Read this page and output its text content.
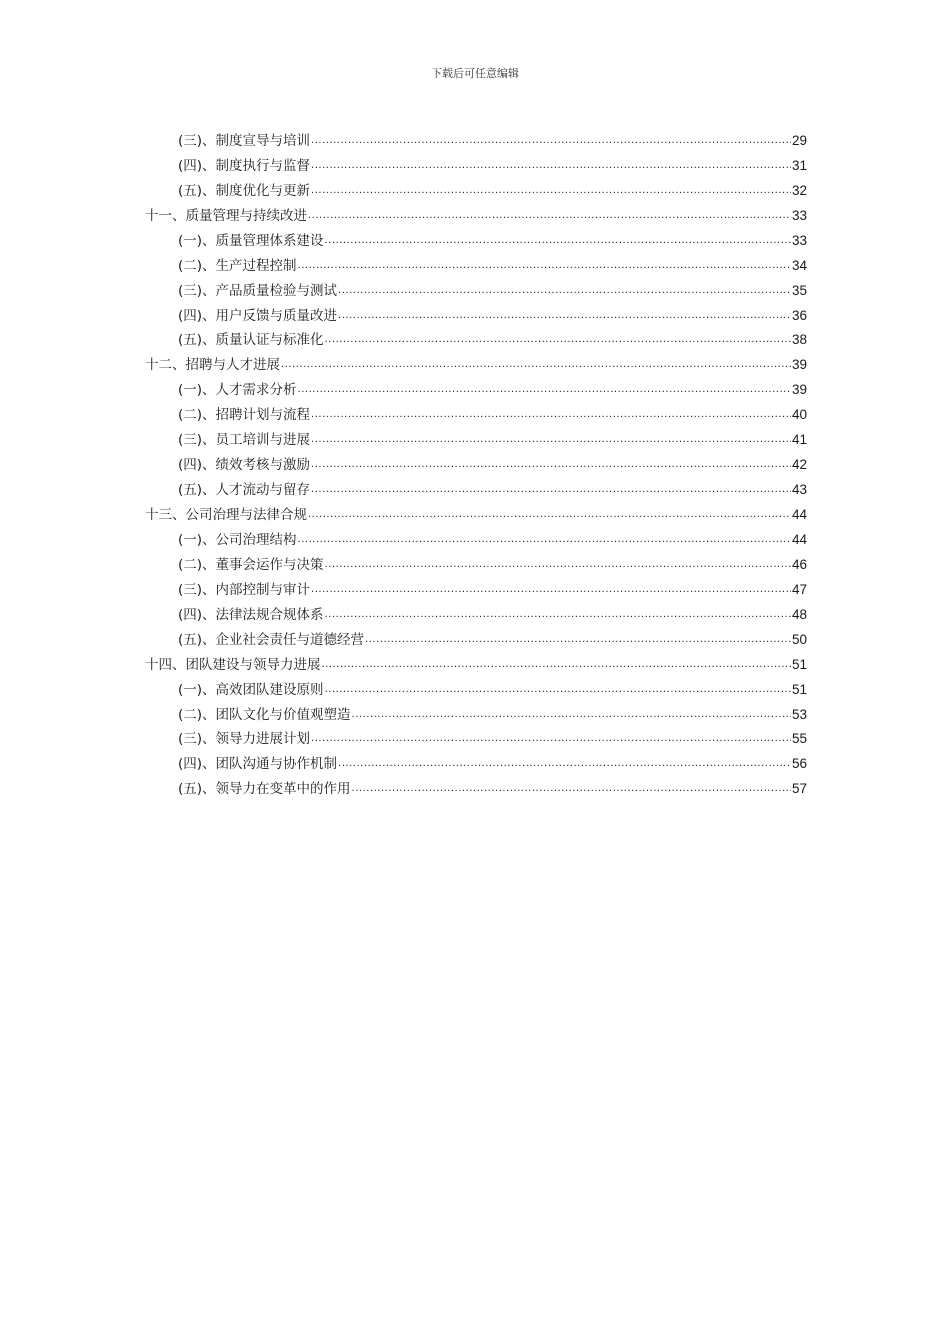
下载后可任意编辑
(三)、制度宣导与培训 .....	29
(四)、制度执行与监督 .....	31
(五)、制度优化与更新 .....	32
十一、质量管理与持续改进 .....	33
(一)、质量管理体系建设 .....	33
(二)、生产过程控制 .....	34
(三)、产品质量检验与测试 .....	35
(四)、用户反馈与质量改进 .....	36
(五)、质量认证与标准化 .....	38
十二、招聘与人才进展 .....	39
(一)、人才需求分析 .....	39
(二)、招聘计划与流程 .....	40
(三)、员工培训与进展 .....	41
(四)、绩效考核与激励 .....	42
(五)、人才流动与留存 .....	43
十三、公司治理与法律合规 .....	44
(一)、公司治理结构 .....	44
(二)、董事会运作与决策 .....	46
(三)、内部控制与审计 .....	47
(四)、法律法规合规体系 .....	48
(五)、企业社会责任与道德经营 .....	50
十四、团队建设与领导力进展 .....	51
(一)、高效团队建设原则 .....	51
(二)、团队文化与价值观塑造 .....	53
(三)、领导力进展计划 .....	55
(四)、团队沟通与协作机制 .....	56
(五)、领导力在变革中的作用 .....	57
